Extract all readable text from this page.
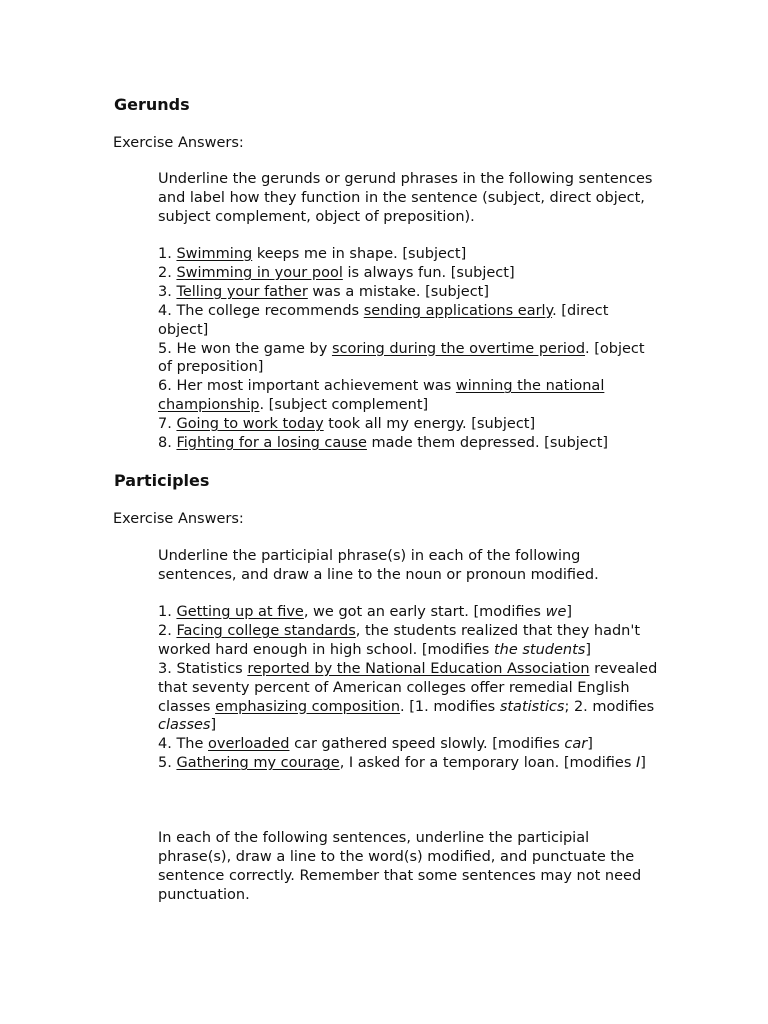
Gerunds
Exercise Answers:

Underline the gerunds or gerund phrases in the following sentences and label how they function in the sentence (subject, direct object, subject complement, object of preposition).

1. Swimming keeps me in shape. [subject]

2. Swimming in your pool is always fun. [subject]

3. Telling your father was a mistake. [subject]

4. The college recommends sending applications early. [direct object]

5. He won the game by scoring during the overtime period. [object of preposition]

6. Her most important achievement was winning the national championship. [subject complement]

7. Going to work today took all my energy. [subject]

8. Fighting for a losing cause made them depressed. [subject]

Participles
Exercise Answers:

Underline the participial phrase(s) in each of the following sentences, and draw a line to the noun or pronoun modified.

1. Getting up at five, we got an early start. [modifies we]

2. Facing college standards, the students realized that they hadn't worked hard enough in high school. [modifies the students]

3. Statistics reported by the National Education Association revealed that seventy percent of American colleges offer remedial English classes emphasizing composition. [1. modifies statistics; 2. modifies classes]

4. The overloaded car gathered speed slowly. [modifies car]

5. Gathering my courage, I asked for a temporary loan. [modifies I]

In each of the following sentences, underline the participial phrase(s), draw a line to the word(s) modified, and punctuate the sentence correctly. Remember that some sentences may not need punctuation.
